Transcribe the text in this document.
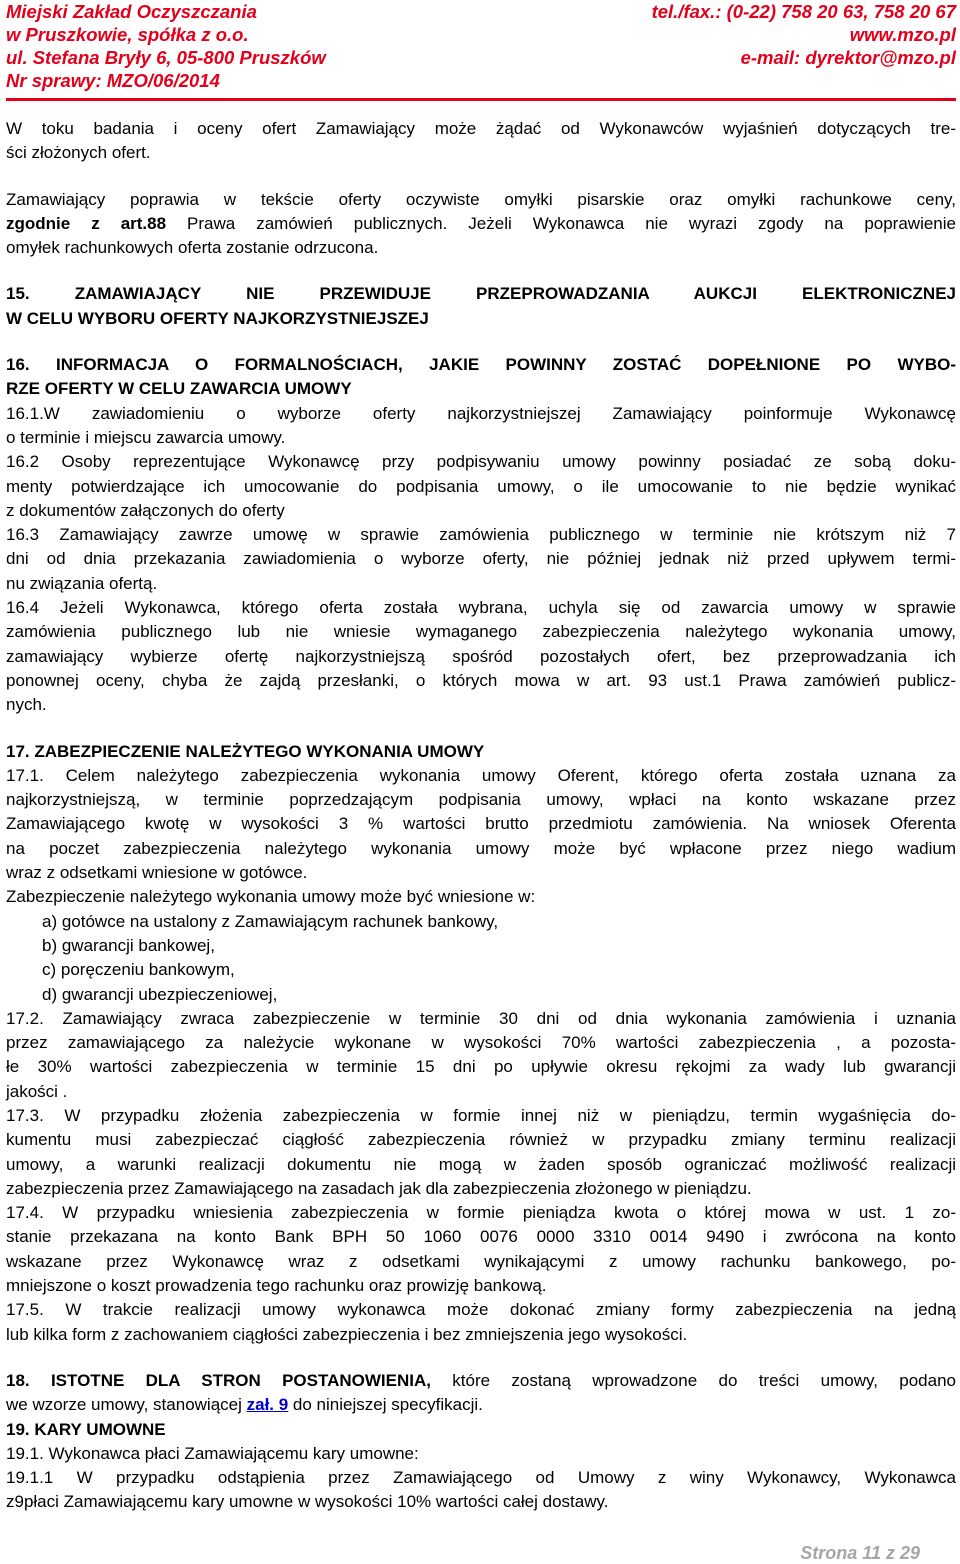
Miejski Zakład Oczyszczania	tel./fax.: (0-22) 758 20 63, 758 20 67
w Pruszkowie, spółka z o.o.	www.mzo.pl
ul. Stefana Bryły 6, 05-800 Pruszków	e-mail: dyrektor@mzo.pl
Nr sprawy: MZO/06/2014

W toku badania i oceny ofert Zamawiający może żądać od Wykonawców wyjaśnień dotyczących tre-

ści złożonych ofert.

Zamawiający poprawia w tekście oferty oczywiste omyłki pisarskie oraz omyłki rachunkowe ceny,

zgodnie z art.88 Prawa zamówień publicznych. Jeżeli Wykonawca nie wyrazi zgody na poprawienie

omyłek rachunkowych oferta zostanie odrzucona.

15. ZAMAWIAJĄCY NIE PRZEWIDUJE PRZEPROWADZANIA AUKCJI ELEKTRONICZNEJ

W CELU WYBORU OFERTY NAJKORZYSTNIEJSZEJ

16. INFORMACJA O FORMALNOŚCIACH, JAKIE POWINNY ZOSTAĆ DOPEŁNIONE PO WYBO-

RZE OFERTY W CELU ZAWARCIA UMOWY

16.1.W zawiadomieniu o wyborze oferty najkorzystniejszej Zamawiający poinformuje Wykonawcę

o terminie i miejscu zawarcia umowy.

16.2 Osoby reprezentujące Wykonawcę przy podpisywaniu umowy powinny posiadać ze sobą doku-

menty potwierdzające ich umocowanie do podpisania umowy, o ile umocowanie to nie będzie wynikać

z dokumentów załączonych do oferty

16.3 Zamawiający zawrze umowę w sprawie zamówienia publicznego w terminie nie krótszym niż 7

dni od dnia przekazania zawiadomienia o wyborze oferty, nie później jednak niż przed upływem termi-

nu związania ofertą.

16.4 Jeżeli Wykonawca, którego oferta została wybrana, uchyla się od zawarcia umowy w sprawie

zamówienia publicznego lub nie wniesie wymaganego zabezpieczenia należytego wykonania umowy,

zamawiający wybierze ofertę najkorzystniejszą spośród pozostałych ofert, bez przeprowadzania ich

ponownej oceny, chyba że zajdą przesłanki, o których mowa w art. 93 ust.1 Prawa zamówień publicz-

nych.

17. ZABEZPIECZENIE NALEŻYTEGO WYKONANIA UMOWY

17.1. Celem należytego zabezpieczenia wykonania umowy Oferent, którego oferta została uznana za

najkorzystniejszą, w terminie poprzedzającym podpisania umowy, wpłaci na konto wskazane przez

Zamawiającego kwotę w wysokości 3 % wartości brutto przedmiotu zamówienia. Na wniosek Oferenta

na poczet zabezpieczenia należytego wykonania umowy może być wpłacone przez niego wadium

wraz z odsetkami wniesione w gotówce.

Zabezpieczenie należytego wykonania umowy może być wniesione w:

a) gotówce na ustalony z Zamawiającym rachunek bankowy,

b) gwarancji bankowej,

c) poręczeniu bankowym,

d) gwarancji ubezpieczeniowej,

17.2. Zamawiający zwraca zabezpieczenie w terminie 30 dni od dnia wykonania zamówienia i uznania

przez zamawiającego za należycie wykonane w wysokości 70% wartości zabezpieczenia , a pozosta-

łe 30% wartości zabezpieczenia w terminie 15 dni po upływie okresu rękojmi za wady lub gwarancji

jakości .

17.3. W przypadku złożenia zabezpieczenia w formie innej niż w pieniądzu, termin wygaśnięcia do-

kumentu musi zabezpieczać ciągłość zabezpieczenia również w przypadku zmiany terminu realizacji

umowy, a warunki realizacji dokumentu nie mogą w żaden sposób ograniczać możliwość realizacji

zabezpieczenia przez Zamawiającego na zasadach jak dla zabezpieczenia złożonego w pieniądzu.

17.4. W przypadku wniesienia zabezpieczenia w formie pieniądza kwota o której mowa w ust. 1 zo-

stanie przekazana na konto Bank BPH 50 1060 0076 0000 3310 0014 9490 i zwrócona na konto

wskazane przez Wykonawcę wraz z odsetkami wynikającymi z umowy rachunku bankowego, po-

mniejszone o koszt prowadzenia tego rachunku oraz prowizję bankową.

17.5. W trakcie realizacji umowy wykonawca może dokonać zmiany formy zabezpieczenia na jedną

lub kilka form z zachowaniem ciągłości zabezpieczenia i bez zmniejszenia jego wysokości.

18. ISTOTNE DLA STRON POSTANOWIENIA, które zostaną wprowadzone do treści umowy, podano

we wzorze umowy, stanowiącej zał. 9 do niniejszej specyfikacji.

19. KARY UMOWNE

19.1. Wykonawca płaci Zamawiającemu kary umowne:

19.1.1 W przypadku odstąpienia przez Zamawiającego od Umowy z winy Wykonawcy, Wykonawca

z9płaci Zamawiającemu kary umowne w wysokości 10% wartości całej dostawy.

Strona 11 z 29
